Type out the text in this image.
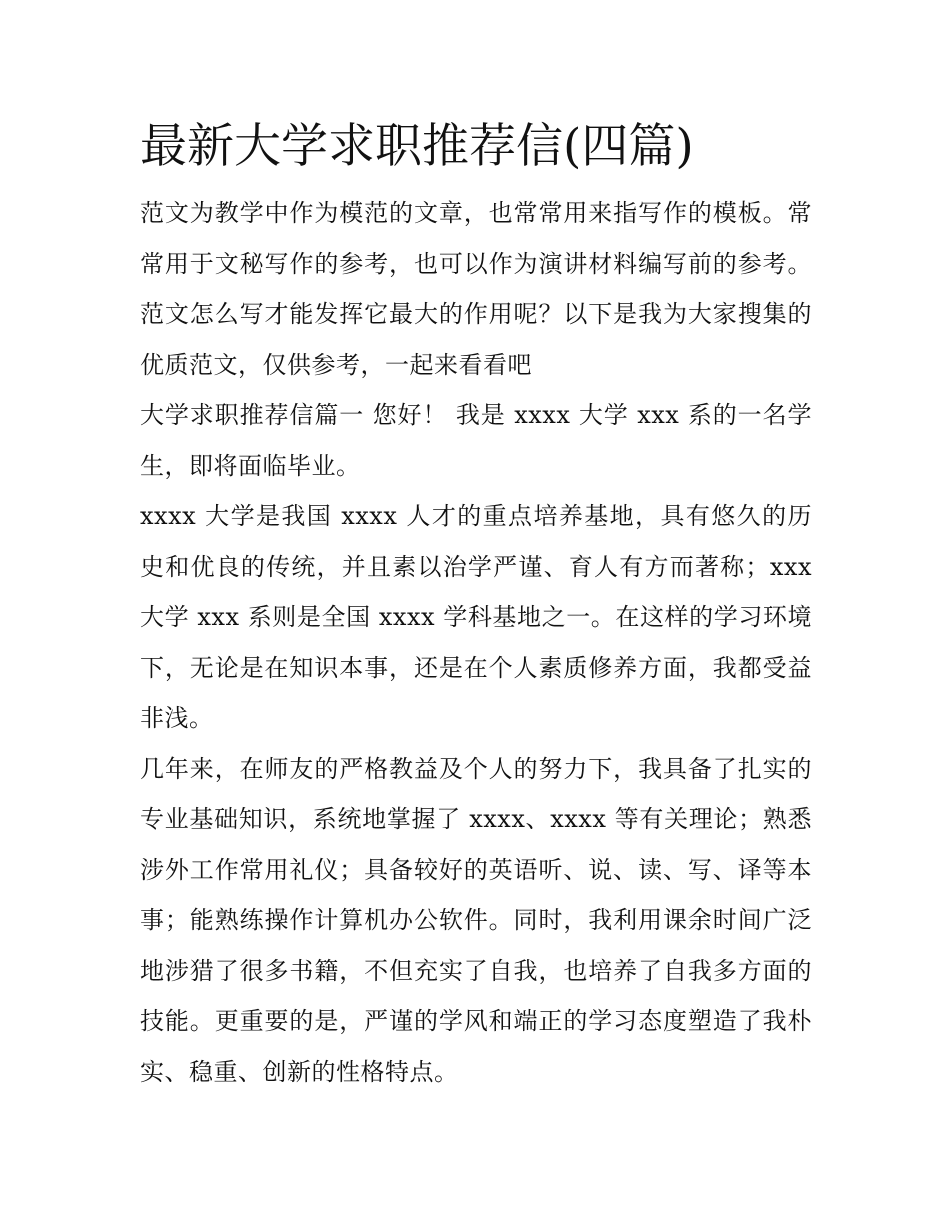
最新大学求职推荐信(四篇)

范文为教学中作为模范的文章，也常常用来指写作的模板。常常用于文秘写作的参考，也可以作为演讲材料编写前的参考。范文怎么写才能发挥它最大的作用呢？以下是我为大家搜集的优质范文，仅供参考，一起来看看吧

大学求职推荐信篇一 您好！ 我是 xxxx 大学 xxx 系的一名学生，即将面临毕业。

xxxx 大学是我国 xxxx 人才的重点培养基地，具有悠久的历史和优良的传统，并且素以治学严谨、育人有方而著称；xxx 大学 xxx 系则是全国 xxxx 学科基地之一。在这样的学习环境下，无论是在知识本事，还是在个人素质修养方面，我都受益非浅。

几年来，在师友的严格教益及个人的努力下，我具备了扎实的专业基础知识，系统地掌握了 xxxx、xxxx 等有关理论；熟悉涉外工作常用礼仪；具备较好的英语听、说、读、写、译等本事；能熟练操作计算机办公软件。同时，我利用课余时间广泛地涉猎了很多书籍，不但充实了自我，也培养了自我多方面的技能。更重要的是，严谨的学风和端正的学习态度塑造了我朴实、稳重、创新的性格特点。
